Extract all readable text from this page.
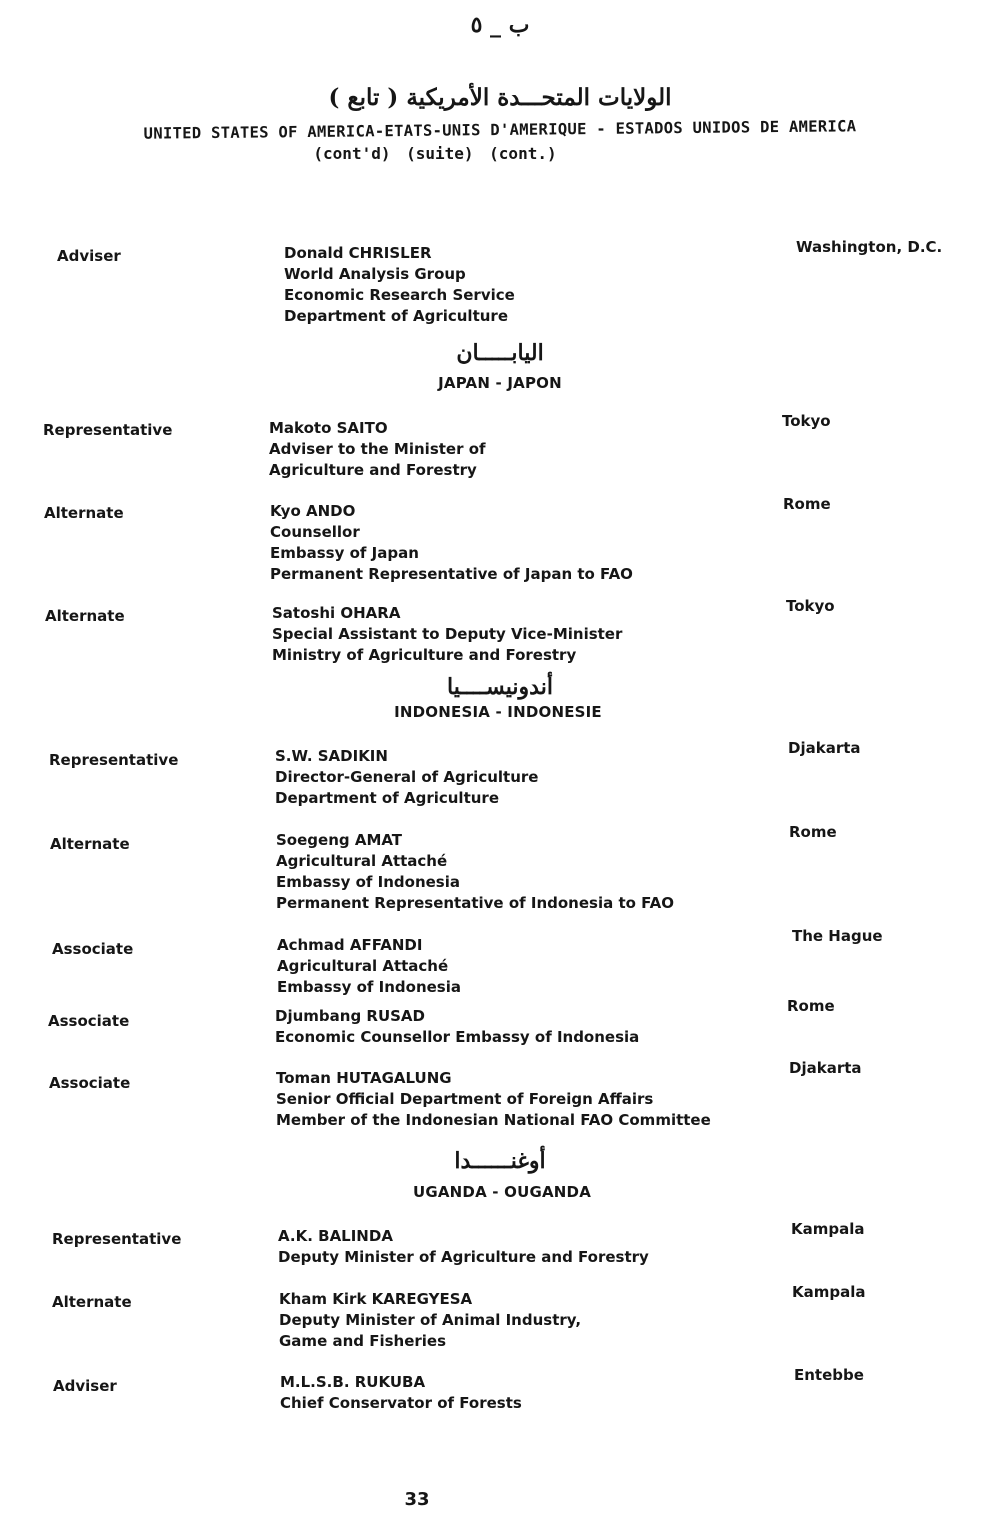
ب _ ٥
الولايات المتحـــدة الأمريكية ( تابع )
UNITED STATES OF AMERICA-ETATS-UNIS D'AMERIQUE - ESTADOS UNIDOS DE AMERICA
(cont'd) (suite) (cont.)
Adviser	Donald CHRISLER
World Analysis Group
Economic Research Service
Department of Agriculture
Washington, D.C.
اليابـــــان
JAPAN - JAPON
Representative	Makoto SAITO
Adviser to the Minister of
Agriculture and Forestry
Tokyo
Alternate	Kyo ANDO
Counsellor
Embassy of Japan
Permanent Representative of Japan to FAO
Rome
Alternate	Satoshi OHARA
Special Assistant to Deputy Vice-Minister
Ministry of Agriculture and Forestry
Tokyo
أندونيســــيا
INDONESIA - INDONESIE
Representative	S.W. SADIKIN
Director-General of Agriculture
Department of Agriculture
Djakarta
Alternate	Soegeng AMAT
Agricultural Attaché
Embassy of Indonesia
Permanent Representative of Indonesia to FAO
Rome
Associate	Achmad AFFANDI
Agricultural Attaché
Embassy of Indonesia
The Hague
Associate	Djumbang RUSAD
Economic Counsellor Embassy of Indonesia
Rome
Associate	Toman HUTAGALUNG
Senior Official Department of Foreign Affairs
Member of the Indonesian National FAO Committee
Djakarta
أوغنــــــدا
UGANDA - OUGANDA
Representative	A.K. BALINDA
Deputy Minister of Agriculture and Forestry
Kampala
Alternate	Kham Kirk KAREGYESA
Deputy Minister of Animal Industry,
Game and Fisheries
Kampala
Adviser	M.L.S.B. RUKUBA
Chief Conservator of Forests
Entebbe
33
